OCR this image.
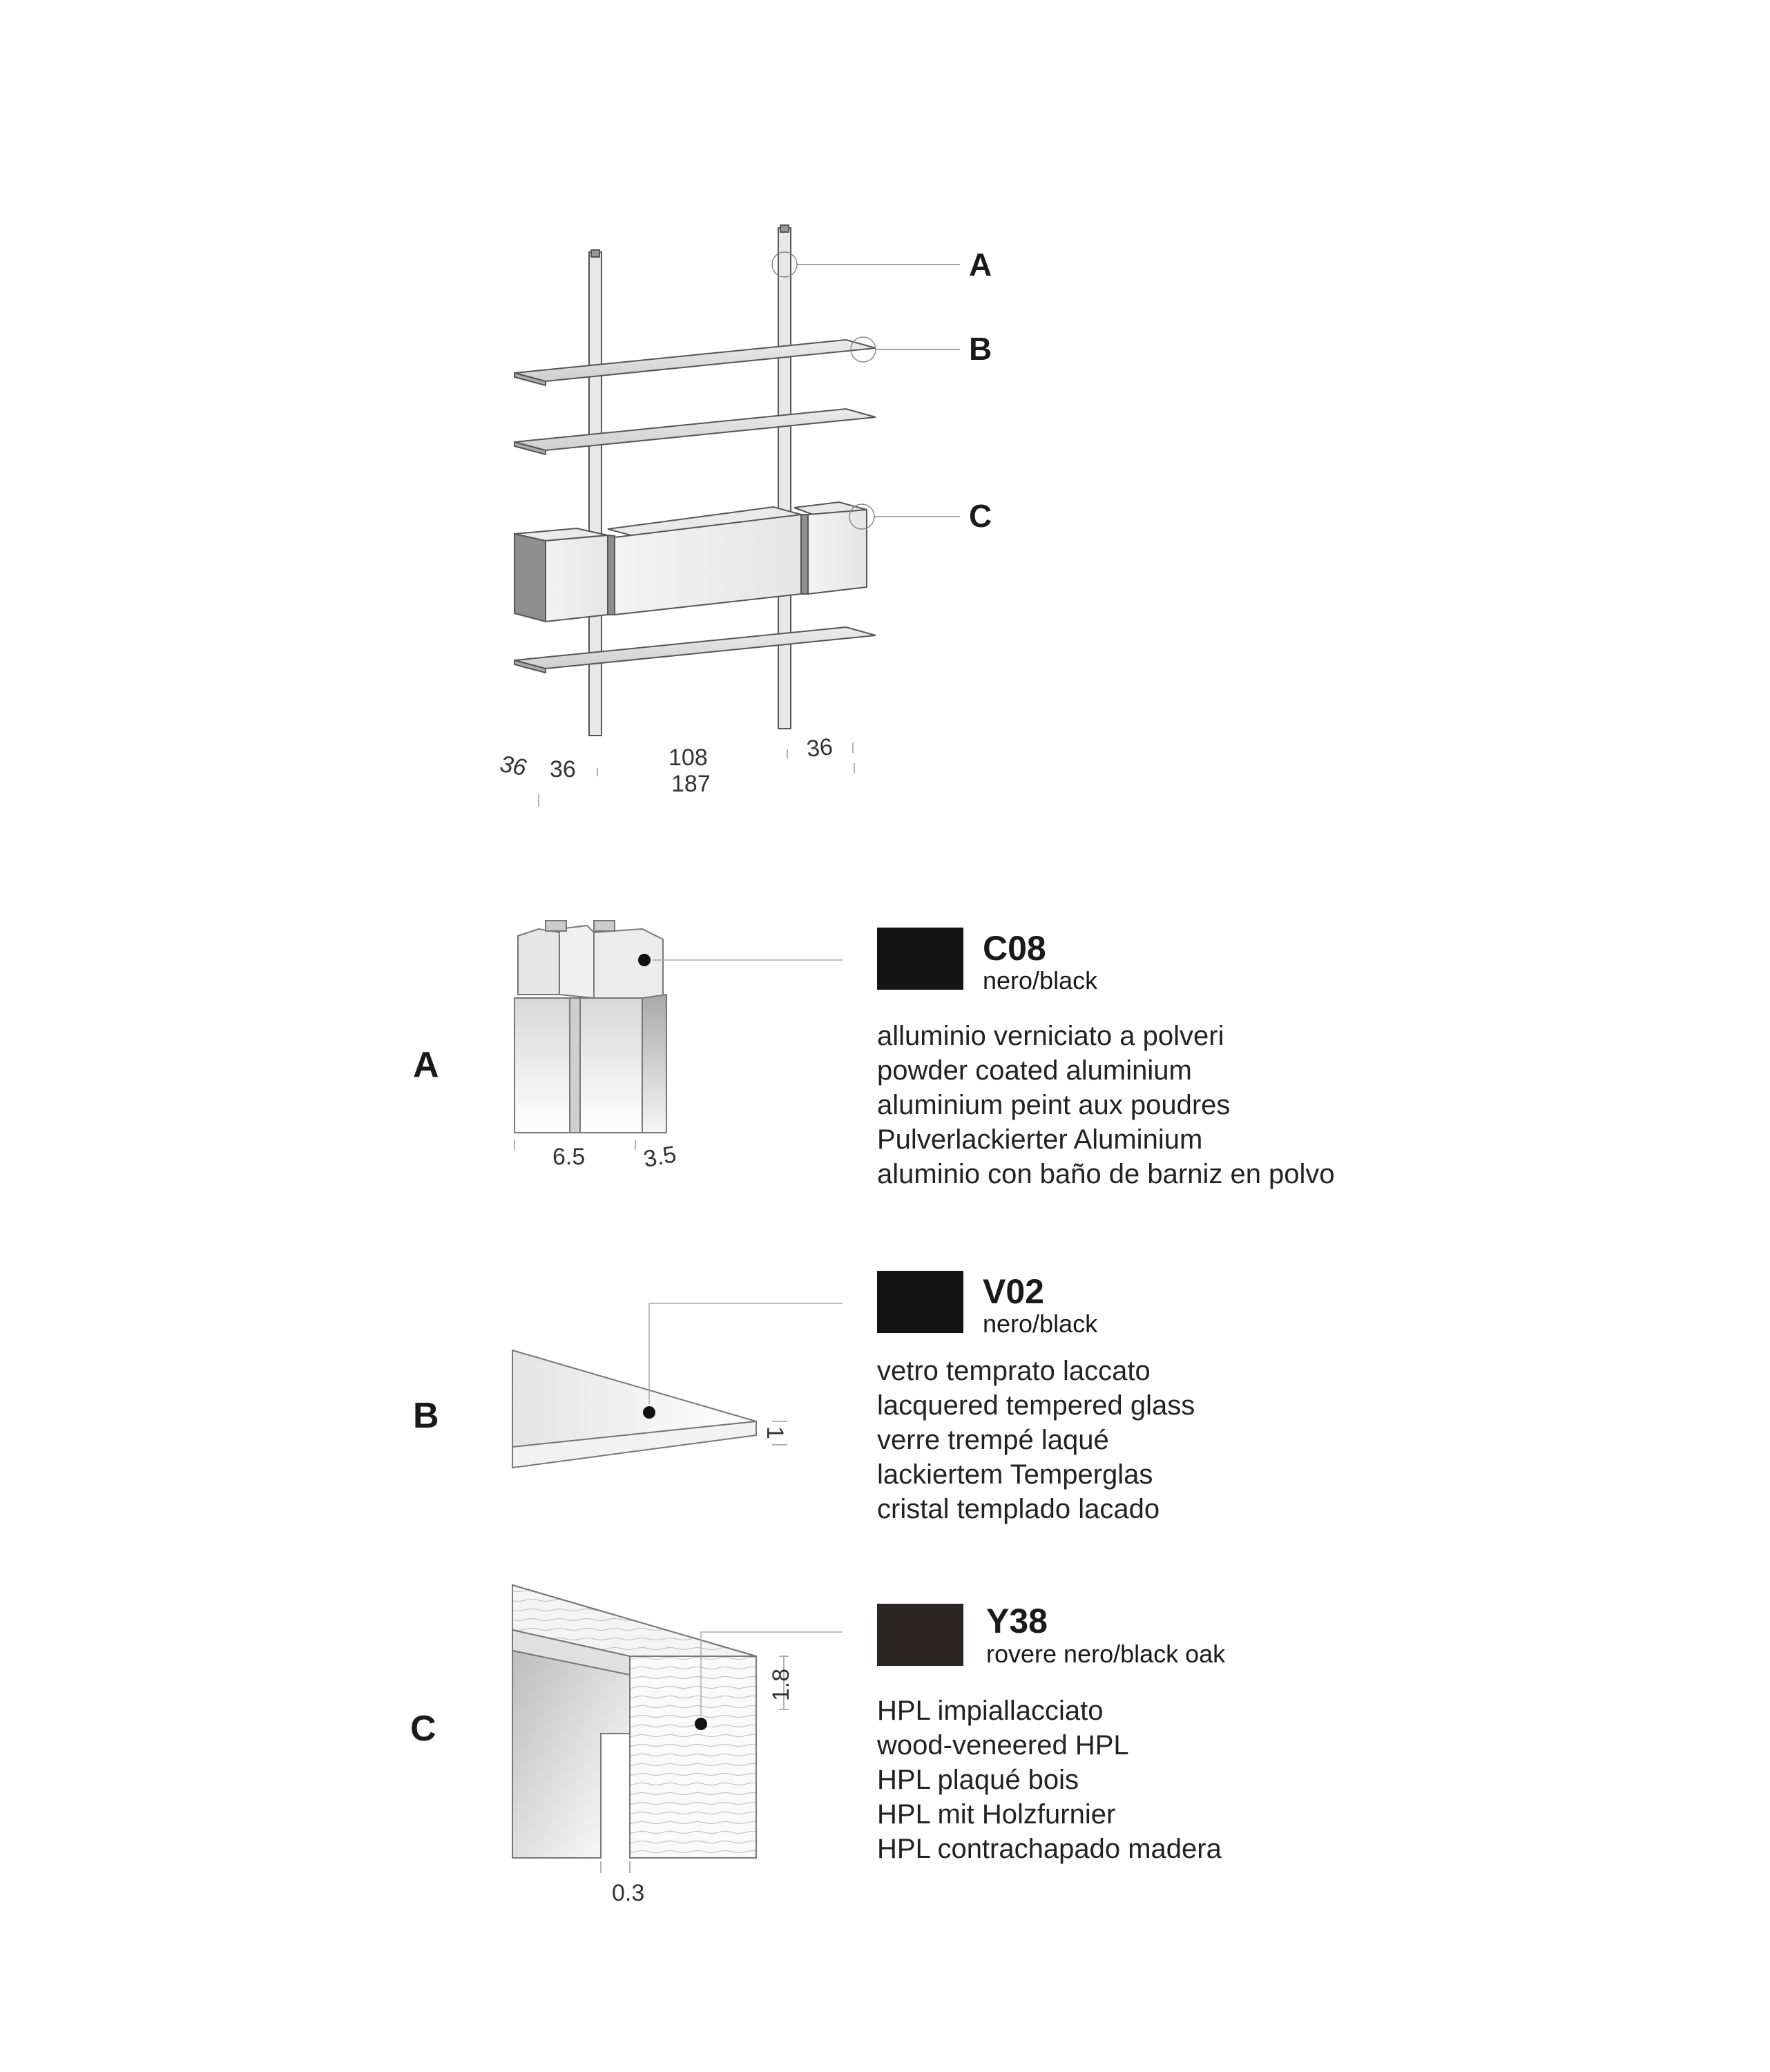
A
B
C
36 36	108
187
36
A
6.5 3.5
C08
nero/black
alluminio verniciato a polveri
powder coated aluminium
aluminium peint aux poudres
Pulverlackierter Aluminium
aluminio con baño de barniz en polvo
B	1
V02
nero/black
vetro temprato laccato
lacquered tempered glass
verre trempé laqué
lackiertem Temperglas
cristal templado lacado
C
1.8
0.3
Y38
rovere nero/black oak
HPL impiallacciato
wood-veneered HPL
HPL plaqué bois
HPL mit Holzfurnier
HPL contrachapado madera
